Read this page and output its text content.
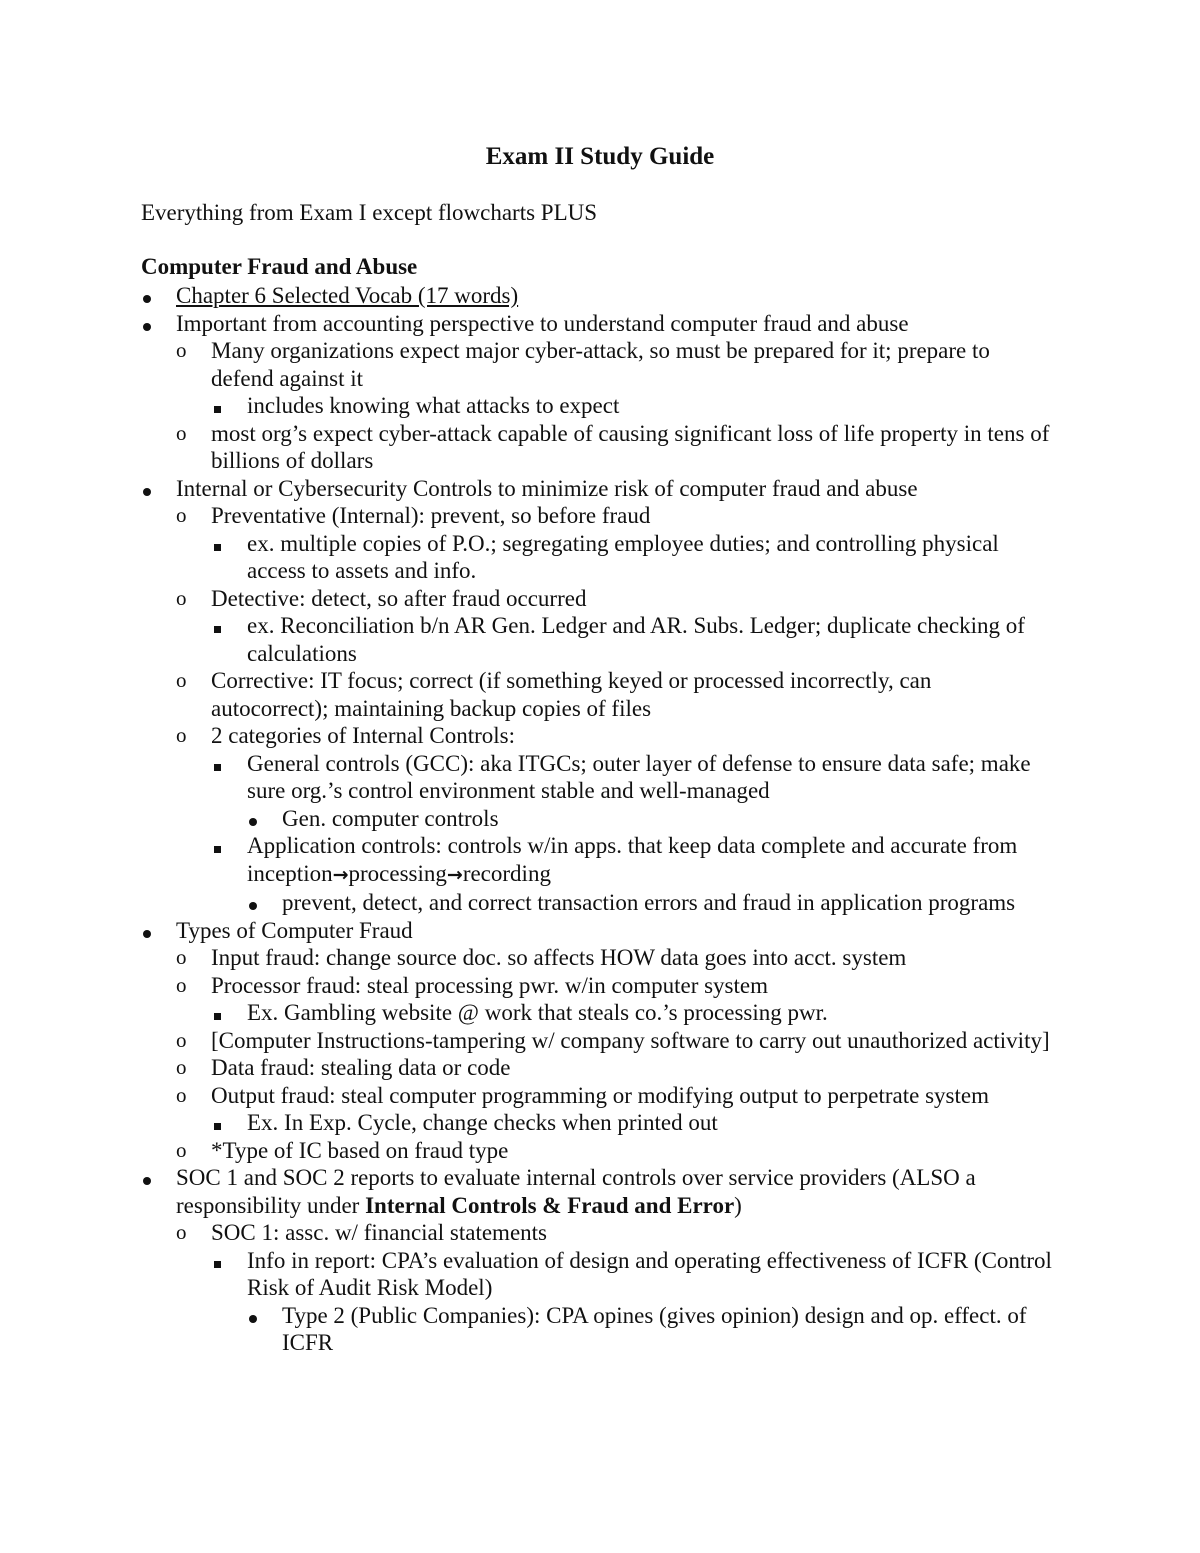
Exam II Study Guide
Everything from Exam I except flowcharts PLUS
Computer Fraud and Abuse
Chapter 6 Selected Vocab (17 words)
Important from accounting perspective to understand computer fraud and abuse
o	Many organizations expect major cyber-attack, so must be prepared for it; prepare to defend against it
includes knowing what attacks to expect
o	most org’s expect cyber-attack capable of causing significant loss of life property in tens of billions of dollars
Internal or Cybersecurity Controls to minimize risk of computer fraud and abuse
o	Preventative (Internal): prevent, so before fraud
ex. multiple copies of P.O.; segregating employee duties; and controlling physical access to assets and info.
o	Detective: detect, so after fraud occurred
ex. Reconciliation b/n AR Gen. Ledger and AR. Subs. Ledger; duplicate checking of calculations
o	Corrective: IT focus; correct (if something keyed or processed incorrectly, can autocorrect); maintaining backup copies of files
o	2 categories of Internal Controls:
General controls (GCC): aka ITGCs; outer layer of defense to ensure data safe; make sure org.’s control environment stable and well-managed
Gen. computer controls
Application controls: controls w/in apps. that keep data complete and accurate from inception→processing→recording
prevent, detect, and correct transaction errors and fraud in application programs
Types of Computer Fraud
o	Input fraud: change source doc. so affects HOW data goes into acct. system
o	Processor fraud: steal processing pwr. w/in computer system
Ex. Gambling website @ work that steals co.’s processing pwr.
o	[Computer Instructions-tampering w/ company software to carry out unauthorized activity]
o	Data fraud: stealing data or code
o	Output fraud: steal computer programming or modifying output to perpetrate system
Ex. In Exp. Cycle, change checks when printed out
o	*Type of IC based on fraud type
SOC 1 and SOC 2 reports to evaluate internal controls over service providers (ALSO a responsibility under Internal Controls & Fraud and Error)
o	SOC 1: assc. w/ financial statements
Info in report: CPA’s evaluation of design and operating effectiveness of ICFR (Control Risk of Audit Risk Model)
Type 2 (Public Companies): CPA opines (gives opinion) design and op. effect. of ICFR
